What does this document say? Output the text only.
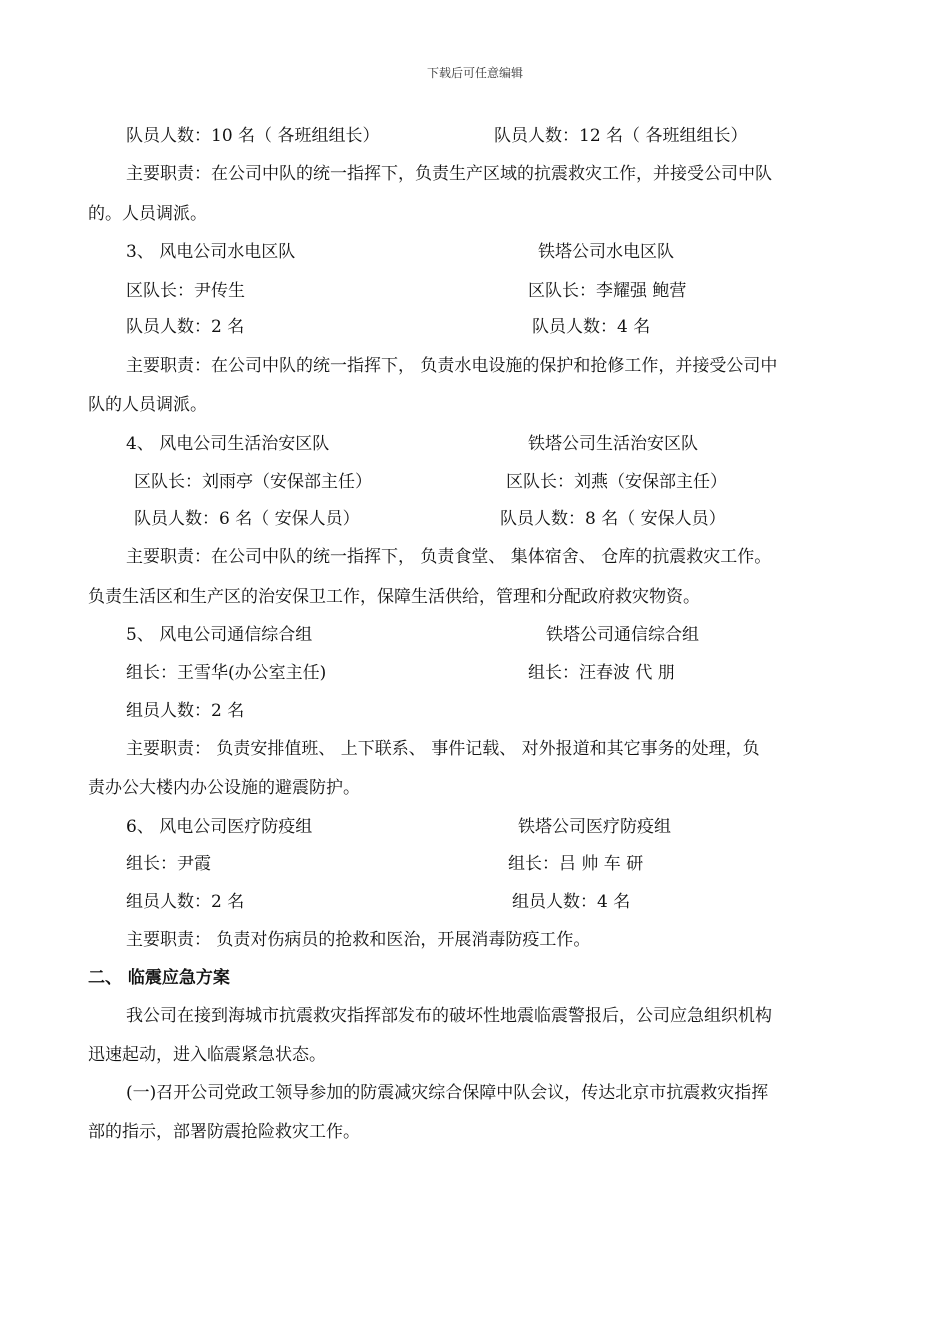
下载后可任意编辑
队员人数：10 名（ 各班组组长）	队员人数：12 名（ 各班组组长）
主要职责：在公司中队的统一指挥下，负责生产区域的抗震救灾工作，并接受公司中队
的。人员调派。
3、 风电公司水电区队	铁塔公司水电区队
区队长：尹传生	区队长：李耀强 鲍营
队员人数：2 名	队员人数：4 名
主要职责：在公司中队的统一指挥下， 负责水电设施的保护和抢修工作，并接受公司中
队的人员调派。
4、 风电公司生活治安区队	铁塔公司生活治安区队
区队长：刘雨亭（安保部主任）	区队长：刘燕（安保部主任）
队员人数：6 名（ 安保人员）	队员人数：8 名（ 安保人员）
主要职责：在公司中队的统一指挥下， 负责食堂、 集体宿舍、 仓库的抗震救灾工作。
负责生活区和生产区的治安保卫工作，保障生活供给，管理和分配政府救灾物资。
5、 风电公司通信综合组	铁塔公司通信综合组
组长：王雪华(办公室主任)	组长：汪春波 代 朋
组员人数：2 名
主要职责： 负责安排值班、 上下联系、 事件记载、 对外报道和其它事务的处理，负
责办公大楼内办公设施的避震防护。
6、 风电公司医疗防疫组	铁塔公司医疗防疫组
组长：尹霞	组长：吕 帅 车 研
组员人数：2 名	组员人数：4 名
主要职责： 负责对伤病员的抢救和医治，开展消毒防疫工作。
二、 临震应急方案
我公司在接到海城市抗震救灾指挥部发布的破坏性地震临震警报后，公司应急组织机构
迅速起动，进入临震紧急状态。
(一)召开公司党政工领导参加的防震减灾综合保障中队会议，传达北京市抗震救灾指挥
部的指示，部署防震抢险救灾工作。
